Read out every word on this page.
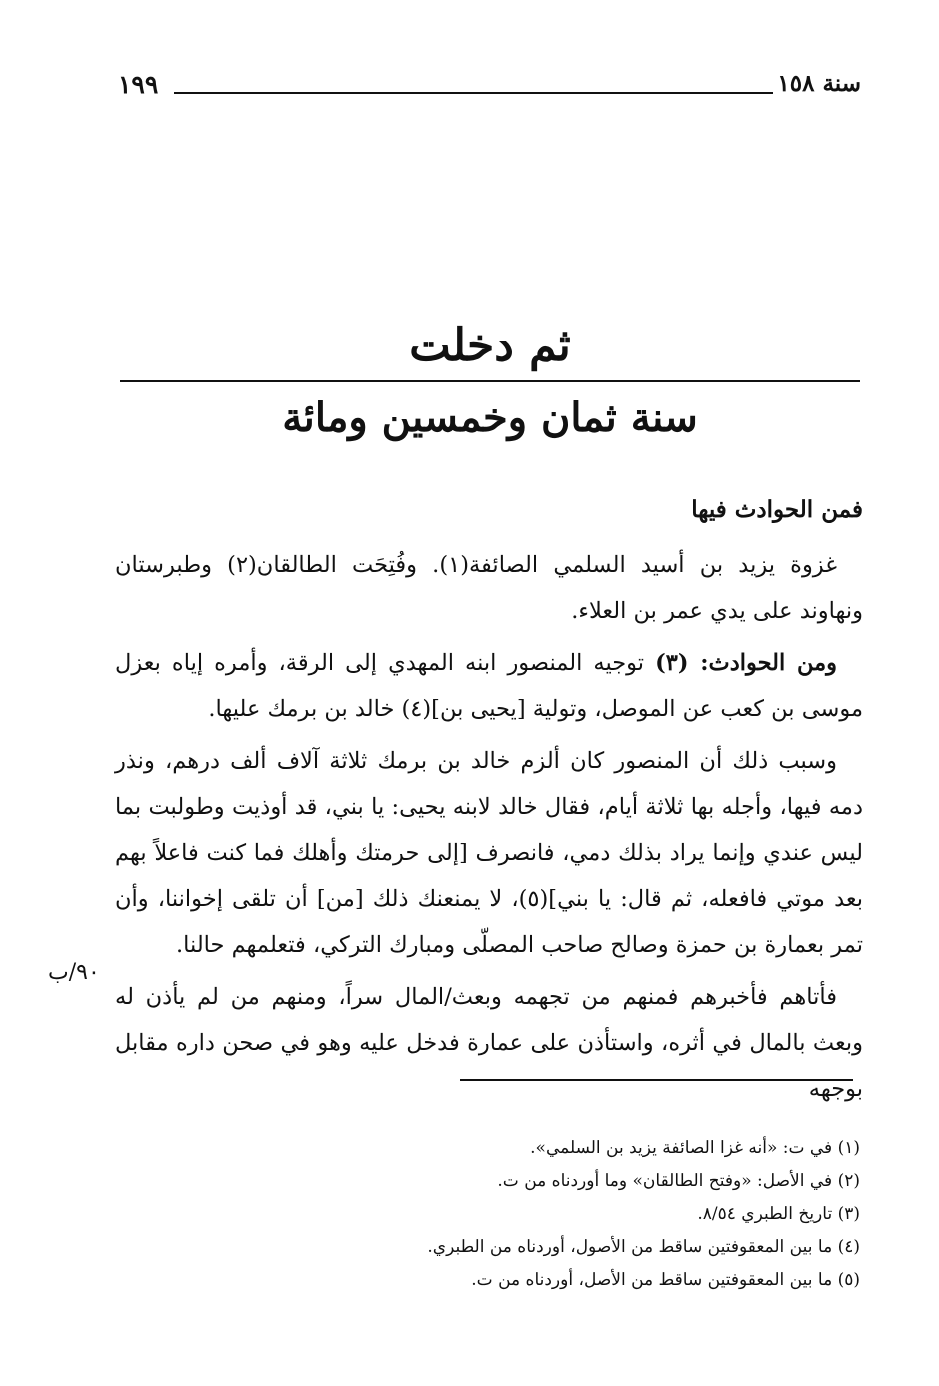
١٩٩	سنة ١٥٨

ثم دخلت

سنة ثمان وخمسين ومائة

فمن الحوادث فيها

غزوة يزيد بن أسيد السلمي الصائفة(١). وفُتِحَت الطالقان(٢) وطبرستان ونهاوند على يدي عمر بن العلاء.

ومن الحوادث: (٣) توجيه المنصور ابنه المهدي إلى الرقة، وأمره إياه بعزل موسى بن كعب عن الموصل، وتولية [يحيى بن](٤) خالد بن برمك عليها.

وسبب ذلك أن المنصور كان ألزم خالد بن برمك ثلاثة آلاف ألف درهم، ونذر دمه فيها، وأجله بها ثلاثة أيام، فقال خالد لابنه يحيى: يا بني، قد أوذيت وطولبت بما ليس عندي وإنما يراد بذلك دمي، فانصرف [إلى حرمتك وأهلك فما كنت فاعلاً بهم بعد موتي فافعله، ثم قال: يا بني](٥)، لا يمنعنك ذلك [من] أن تلقى إخواننا، وأن تمر بعمارة بن حمزة وصالح صاحب المصلّى ومبارك التركي، فتعلمهم حالنا.

فأتاهم فأخبرهم فمنهم من تجهمه وبعث/المال سراً، ومنهم من لم يأذن له وبعث بالمال في أثره، واستأذن على عمارة فدخل عليه وهو في صحن داره مقابل بوجهه

٩٠/ب

(١) في ت: «أنه غزا الصائفة يزيد بن السلمي».

(٢) في الأصل: «وفتح الطالقان» وما أوردناه من ت.

(٣) تاريخ الطبري ٨/٥٤.

(٤) ما بين المعقوفتين ساقط من الأصول، أوردناه من الطبري.

(٥) ما بين المعقوفتين ساقط من الأصل، أوردناه من ت.
